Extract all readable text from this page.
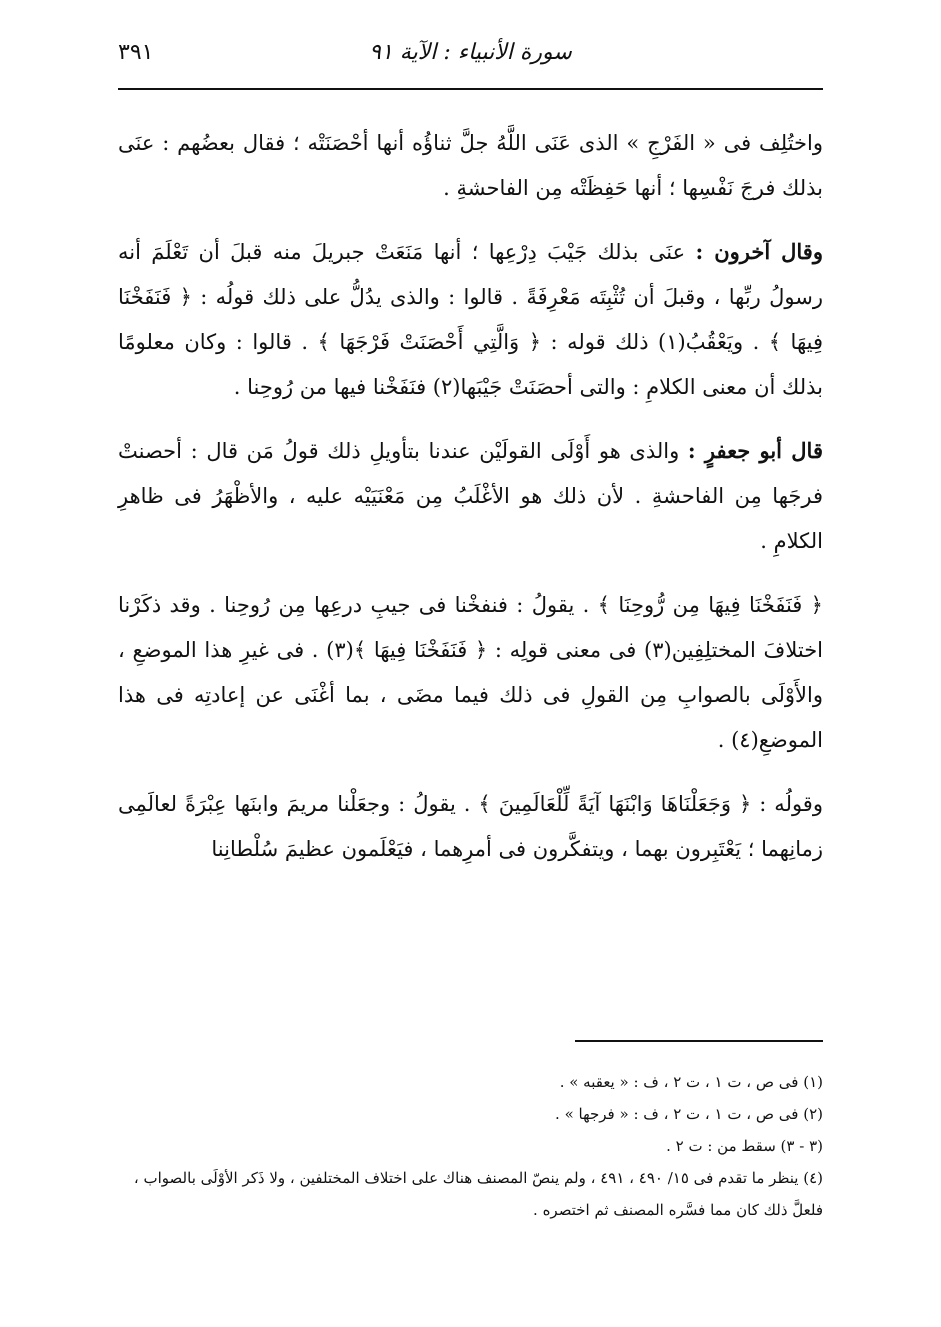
سورة الأنبياء : الآية ٩١
٣٩١

واختُلِف فى « الفَرْجِ » الذى عَنَى اللَّهُ جلَّ ثناؤُه أنها أحْصَنَتْه ؛ فقال بعضُهم : عنَى بذلك فرجَ نَفْسِها ؛ أنها حَفِظَتْه مِن الفاحشةِ .

وقال آخرون : عنَى بذلك جَيْبَ دِرْعِها ؛ أنها مَنَعَتْ جبريلَ منه قبلَ أن تَعْلَمَ أنه رسولُ ربِّها ، وقبلَ أن تُثْبِتَه مَعْرِفَةً . قالوا : والذى يدُلُّ على ذلك قولُه : ﴿ فَنَفَخْنَا فِيهَا ﴾ . ويَعْقُبُ(١) ذلك قوله : ﴿ وَالَّتِي أَحْصَنَتْ فَرْجَهَا ﴾ . قالوا : وكان معلومًا بذلك أن معنى الكلامِ : والتى أحصَنَتْ جَيْبَها(٢) فنَفَخْنا فيها من رُوحِنا .

قال أبو جعفرٍ : والذى هو أَوْلَى القولَيْن عندنا بتأويلِ ذلك قولُ مَن قال : أحصنتْ فرجَها مِن الفاحشةِ . لأن ذلك هو الأغْلَبُ مِن مَعْنَيَيْه عليه ، والأظْهَرُ فى ظاهرِ الكلامِ .

﴿ فَنَفَخْنَا فِيهَا مِن رُّوحِنَا ﴾ . يقولُ : فنفخْنا فى جيبِ درعِها مِن رُوحِنا . وقد ذكَرْنا اختلافَ المختلِفِين(٣) فى معنى قولِه : ﴿ فَنَفَخْنَا فِيهَا ﴾(٣) . فى غيرِ هذا الموضعِ ، والأَوْلَى بالصوابِ مِن القولِ فى ذلك فيما مضَى ، بما أغْنَى عن إعادتِه فى هذا الموضعِ(٤) .

وقولُه : ﴿ وَجَعَلْنَاهَا وَابْنَهَا آيَةً لِّلْعَالَمِينَ ﴾ . يقولُ : وجعَلْنا مريمَ وابنَها عِبْرَةً لعالَمِى زمانِهما ؛ يَعْتَبِرون بهما ، ويتفكَّرون فى أمرِهما ، فيَعْلَمون عظيمَ سُلْطانِنا

(١) فى ص ، ت ١ ، ت ٢ ، ف : « يعقبه » .
(٢) فى ص ، ت ١ ، ت ٢ ، ف : « فرجها » .
(٣ - ٣) سقط من : ت ٢ .
(٤) ينظر ما تقدم فى ١٥/ ٤٩٠ ، ٤٩١ ، ولم ينصّ المصنف هناك على اختلاف المختلفين ، ولا ذَكر الأوْلَى بالصواب ، فلعلَّ ذلك كان مما فسَّره المصنف ثم اختصره .
